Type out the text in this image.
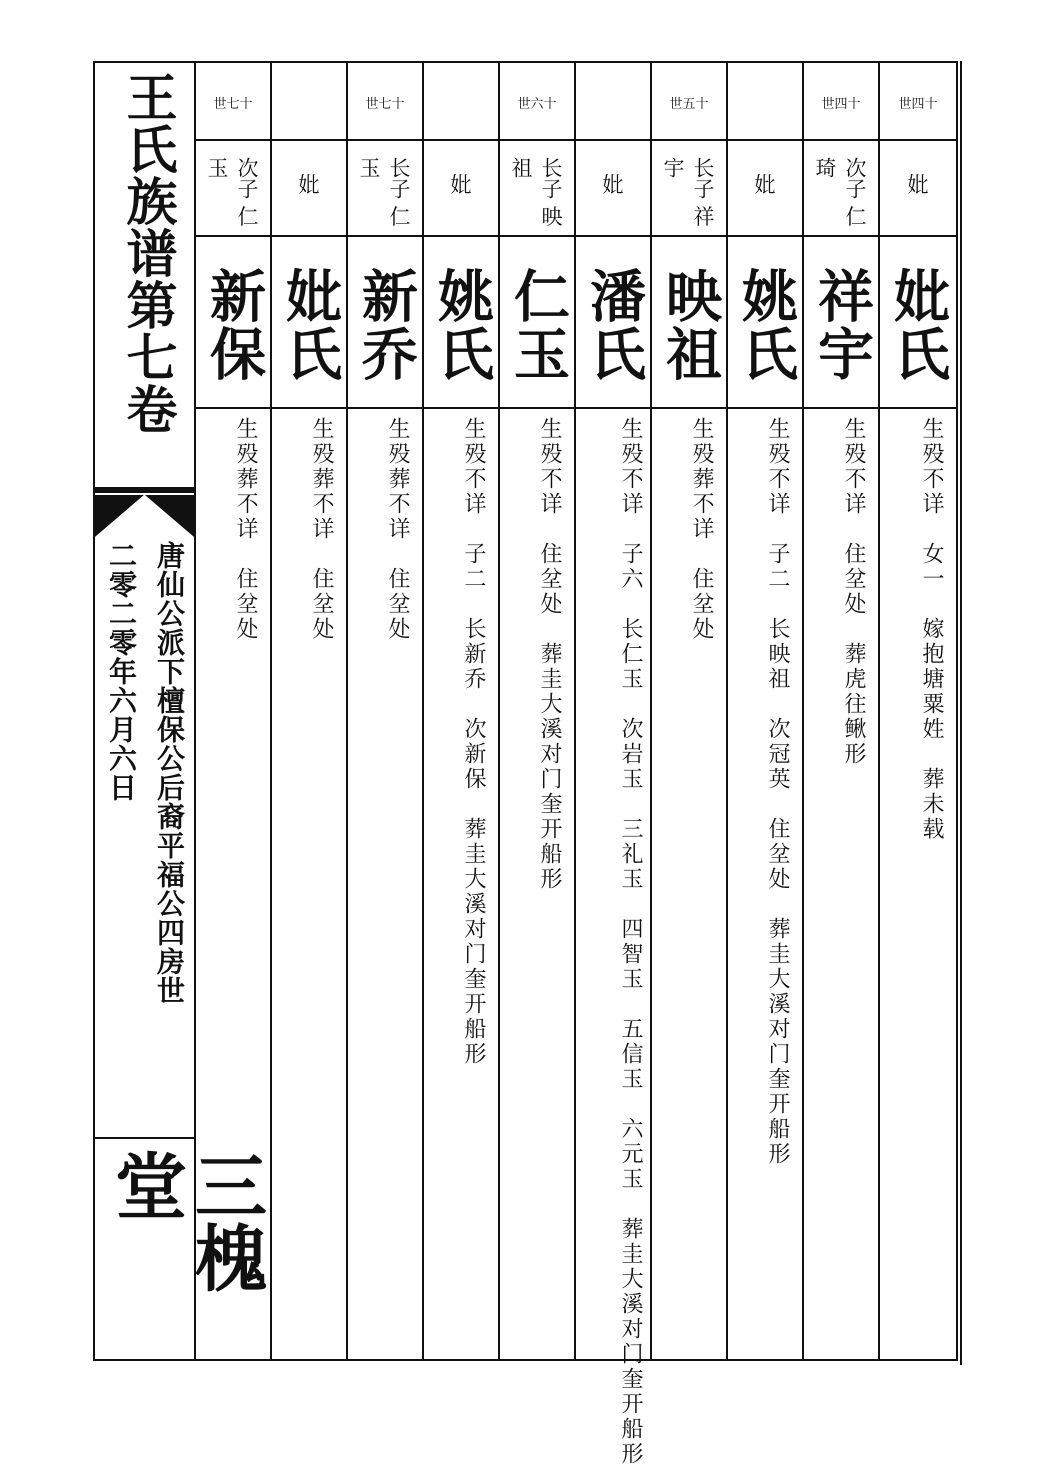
世七十
次子 仁玉
新保
生殁葬不详　住坌处
妣
妣氏
生殁葬不详　住坌处
世七十
长子 仁玉
新乔
生殁葬不详　住坌处
妣
姚氏
生殁不详　子二　长新乔　次新保　葬圭大溪对门奎开船形
世六十
长子 映祖
仁玉
生殁不详　住坌处　葬圭大溪对门奎开船形
妣
潘氏
生殁不详　子六　长仁玉　次岩玉　三礼玉　四智玉　五信玉　六元玉　葬圭大溪对门奎开船形
世五十
长子 祥宇
映祖
生殁葬不详　住坌处
妣
姚氏
生殁不详　子二　长映祖　次冠英　住坌处　葬圭大溪对门奎开船形
世四十
次子 仁琦
祥宇
生殁不详　住坌处　葬虎往鳅形
世四十
妣
妣氏
生殁不详　女一　嫁抱塘粟姓　葬未载
王氏族谱第七卷
唐仙公派下檀保公后裔平福公四房世
二零二零年六月六日
三槐堂
